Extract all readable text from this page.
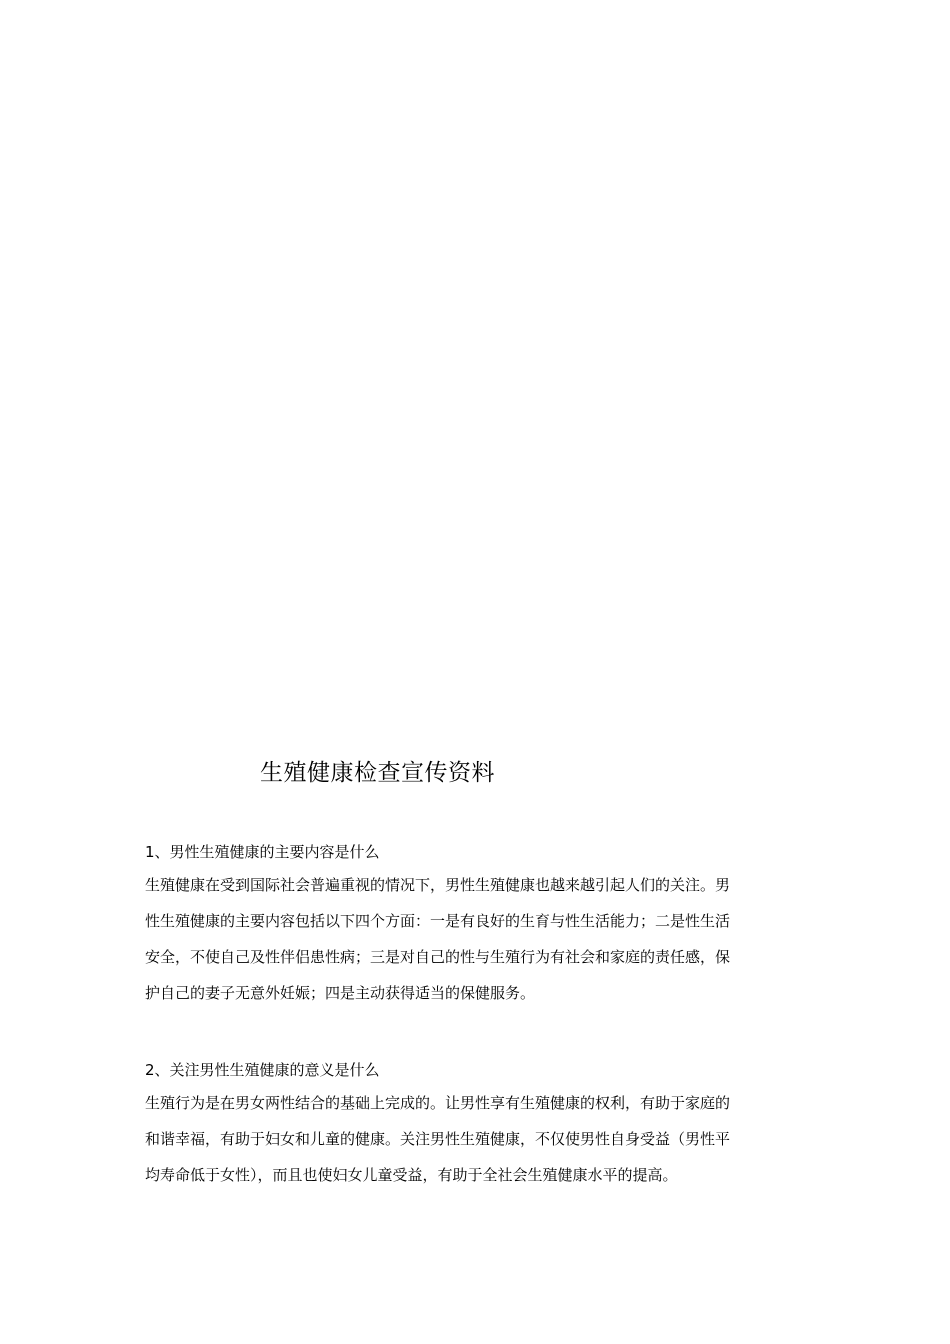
生殖健康检查宣传资料
1、男性生殖健康的主要内容是什么
生殖健康在受到国际社会普遍重视的情况下，男性生殖健康也越来越引起人们的关注。男
性生殖健康的主要内容包括以下四个方面：一是有良好的生育与性生活能力；二是性生活
安全，不使自己及性伴侣患性病；三是对自己的性与生殖行为有社会和家庭的责任感，保
护自己的妻子无意外妊娠；四是主动获得适当的保健服务。
2、关注男性生殖健康的意义是什么
生殖行为是在男女两性结合的基础上完成的。让男性享有生殖健康的权利，有助于家庭的
和谐幸福，有助于妇女和儿童的健康。关注男性生殖健康，不仅使男性自身受益（男性平
均寿命低于女性），而且也使妇女儿童受益，有助于全社会生殖健康水平的提高。
